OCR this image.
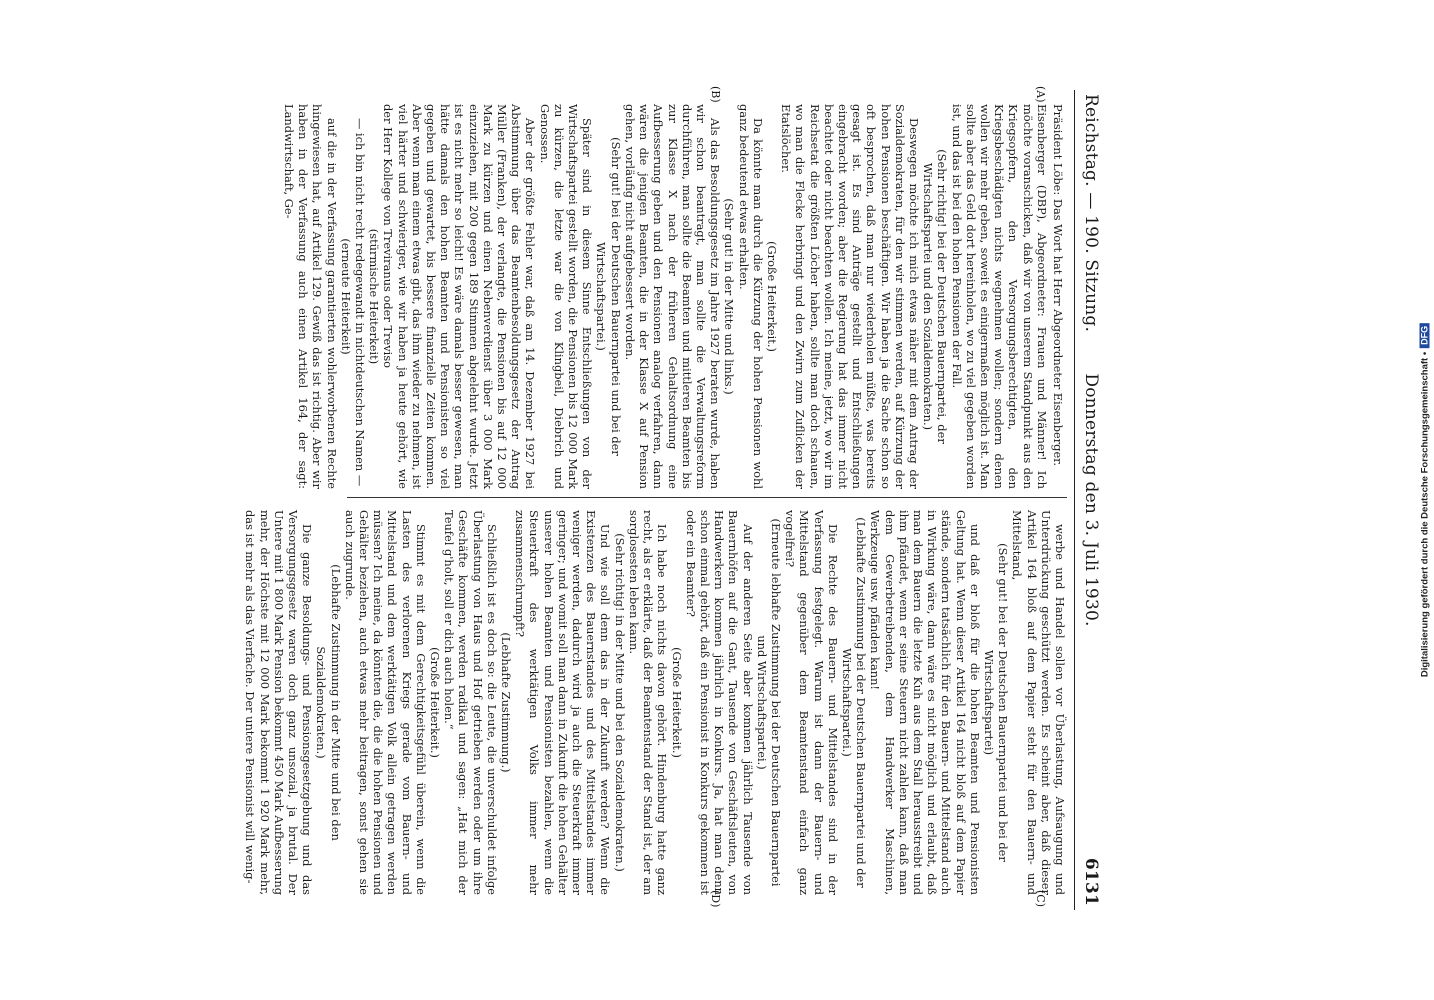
Reichstag. — 190. Sitzung.
Donnerstag den 3. Juli 1930.
6131
(A)
(B)
(C)
(D)

Präsident Löbe: Das Wort hat Herr Abgeordneter Eisenberger.

Eisenberger (DBP), Abgeordneter: Frauen und Männer! Ich möchte voranschicken, daß wir von unserem Standpunkt aus den Kriegsopfern, den Versorgungsberechtigten, den Kriegsbeschädigten nichts wegnehmen wollen; sondern denen wollen wir mehr geben, soweit es einigermaßen möglich ist. Man sollte aber das Geld dort hereinholen, wo zu viel gegeben worden ist, und das ist bei den hohen Pensionen der Fall.

(Sehr richtig! bei der Deutschen Bauernpartei, der Wirtschaftspartei und den Sozialdemokraten.)

Deswegen möchte ich mich etwas näher mit dem Antrag der Sozialdemokraten, für den wir stimmen werden, auf Kürzung der hohen Pensionen beschäftigen. Wir haben ja die Sache schon so oft besprochen, daß man nur wiederholen müßte, was bereits gesagt ist. Es sind Anträge gestellt und Entschließungen eingebracht worden; aber die Regierung hat das immer nicht beachtet oder nicht beachten wollen. Ich meine, jetzt, wo wir im Reichsetat die größten Löcher haben, sollte man doch schauen, wo man die Flecke herbringt und den Zwirn zum Zuflicken der Etatslöcher.

(Große Heiterkeit.)

Da könnte man durch die Kürzung der hohen Pensionen wohl ganz bedeutend etwas erhalten.

(Sehr gut! in der Mitte und links.)

Als das Besoldungsgesetz im Jahre 1927 beraten wurde, haben wir schon beantragt, man sollte die Verwaltungsreform durchführen, man sollte die Beamten und mittleren Beamten bis zur Klasse X nach der früheren Gehaltsordnung eine Aufbesserung geben und den Pensionen analog verfahren, dann wären die jenigen Beamten, die in der Klasse X auf Pension gehen, vorläufig nicht aufgebessert worden.

(Sehr gut! bei der Deutschen Bauernpartei und bei der Wirtschaftspartei.)

Später sind in diesem Sinne Entschließungen von der Wirtschaftspartei gestellt worden, die Pensionen bis 12 000 Mark zu kürzen, die letzte war die von Klingbeil, Diebrich und Genossen.

Aber der größte Fehler war, daß am 14. Dezember 1927 bei Abstimmung über das Beamtenbesoldungsgesetz der Antrag Müller (Franken), der verlangte, die Pensionen bis auf 12 000 Mark zu kürzen und einen Nebenverdienst über 3 000 Mark einzuziehen, mit 200 gegen 189 Stimmen abgelehnt wurde. Jetzt ist es nicht mehr so leicht! Es wäre damals besser gewesen, man hätte damals den hohen Beamten und Pensionisten so viel gegeben und gewartet, bis bessere finanzielle Zeiten kommen. Aber wenn man einem etwas gibt, das ihm wieder zu nehmen, ist viel härter und schwieriger, wie wir haben ja heute gehört, wie der Herr Kollege von Treviranus oder Treviso

(stürmische Heiterkeit)

— ich bin nicht recht redegewandt in nichtdeutschen Namen —

(erneute Heiterkeit)

auf die in der Verfassung garantierten wohlerworbenen Rechte hingewiesen hat, auf Artikel 129. Gewiß das ist richtig. Aber wir haben in der Verfassung auch einen Artikel 164, der sagt: Landwirtschaft, Ge-

werbe und Handel sollen vor Überlastung, Aufsaugung und Unterdrückung geschützt werden. Es scheint aber, daß dieser Artikel 164 bloß auf dem Papier steht für den Bauern- und Mittelstand,

(Sehr gut! bei der Deutschen Bauernpartei und bei der Wirtschaftspartei)

und daß er bloß für die hohen Beamten und Pensionisten Geltung hat. Wenn dieser Artikel 164 nicht bloß auf dem Papier stände, sondern tatsächlich für den Bauern- und Mittelstand auch in Wirkung wäre, dann wäre es nicht möglich und erlaubt, daß man dem Bauern die letzte Kuh aus dem Stall herausstreibt und ihm pfändet, wenn er seine Steuern nicht zahlen kann, daß man dem Gewerbetreibenden, dem Handwerker Maschinen, Werkzeuge usw. pfänden kann!

(Lebhafte Zustimmung bei der Deutschen Bauernpartei und der Wirtschaftspartei.)

Die Rechte des Bauern- und Mittelstandes sind in der Verfassung festgelegt. Warum ist dann der Bauern- und Mittelstand gegenüber dem Beamtenstand einfach ganz vogelfrei?

(Erneute lebhafte Zustimmung bei der Deutschen Bauernpartei und Wirtschaftspartei.)

Auf der anderen Seite aber kommen jährlich Tausende von Bauernhöfen auf die Gant, Tausende von Geschäftsleuten, von Handwerkern kommen jährlich in Konkurs. Ja, hat man denn schon einmal gehört, daß ein Pensionist in Konkurs gekommen ist oder ein Beamter?

(Große Heiterkeit.)

Ich habe noch nichts davon gehört. Hindenburg hatte ganz recht, als er erklärte, daß der Beamtenstand der Stand ist, der am sorglosesten leben kann.

(Sehr richtig! in der Mitte und bei den Sozialdemokraten.)

Und wie soll denn das in der Zukunft werden? Wenn die Existenzen des Bauernstandes und des Mittelstandes immer weniger werden, dadurch wird ja auch die Steuerkraft immer geringer; und womit soll man dann in Zukunft die hohen Gehälter unserer hohen Beamten und Pensionisten bezahlen, wenn die Steuerkraft des werktätigen Volks immer mehr zusammenschrumpft?

(Lebhafte Zustimmung.)

Schließlich ist es doch so: die Leute, die unverschuldet infolge Überlastung von Haus und Hof getrieben werden oder um ihre Geschäfte kommen, werden radikal und sagen: „Hat mich der Teufel g'holt, soll er dich auch holen.“

(Große Heiterkeit.)

Stimmt es mit dem Gerechtigkeitsgefühl überein, wenn die Lasten des verlorenen Kriegs gerade vom Bauern- und Mittelstand und dem werktätigen Volk allein getragen werden müssen? Ich meine, da könnten die, die die hohen Pensionen und Gehälter beziehen, auch etwas mehr beitragen, sonst gehen sie auch zugrunde.

(Lebhafte Zustimmung in der Mitte und bei den Sozialdemokraten.)

Die ganze Besoldungs- und Pensionsgesetzgebung und das Versorgungsgesetz waren doch ganz unsozial, ja brutal. Der Untere mit 1 800 Mark Pension bekommt 450 Mark Aufbesserung mehr, der Höchste mit 12 000 Mark bekommt 1 920 Mark mehr, das ist mehr als das Vierfache. Der untere Pensionist will wenig-	Digitalisierung gefördert durch die Deutsche Forschungsgemeinschaft •DFG
